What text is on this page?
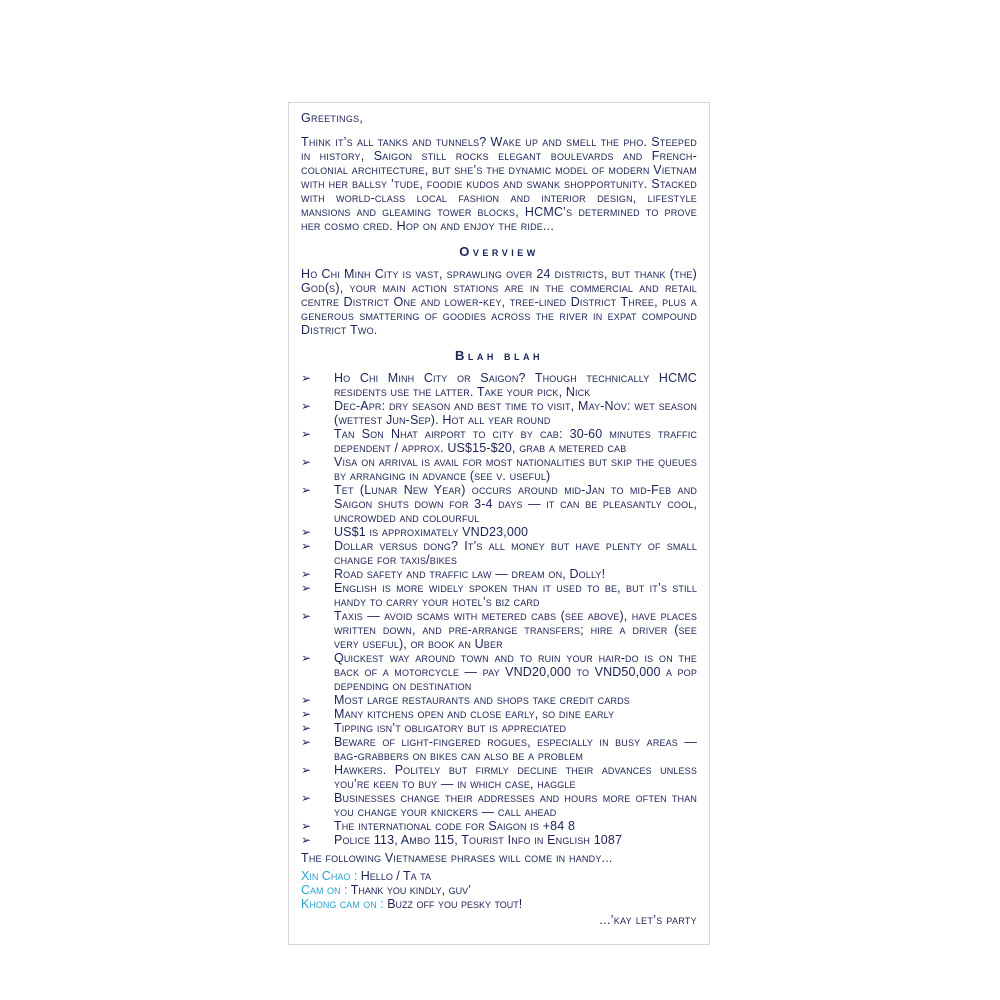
Greetings,

Think it’s all tanks and tunnels? Wake up and smell the pho. Steeped in history, Saigon still rocks elegant boulevards and French-colonial architecture, but she’s the dynamic model of modern Vietnam with her ballsy ’tude, foodie kudos and swank shopportunity. Stacked with world-class local fashion and interior design, lifestyle mansions and gleaming tower blocks, HCMC’s determined to prove her cosmo cred. Hop on and enjoy the ride...

Overview

Ho Chi Minh City is vast, sprawling over 24 districts, but thank (the) God(s), your main action stations are in the commercial and retail centre District One and lower-key, tree-lined District Three, plus a generous smattering of goodies across the river in expat compound District Two.

Blah blah
➢ Ho Chi Minh City or Saigon? Though technically HCMC residents use the latter. Take your pick, Nick
➢ Dec-Apr: dry season and best time to visit, May-Nov: wet season (wettest Jun-Sep). Hot all year round
➢ Tan Son Nhat airport to city by cab: 30-60 minutes traffic dependent / approx. US$15-$20, grab a metered cab
➢ Visa on arrival is avail for most nationalities but skip the queues by arranging in advance (see v. useful)
➢ Tet (Lunar New Year) occurs around mid-Jan to mid-Feb and Saigon shuts down for 3-4 days — it can be pleasantly cool, uncrowded and colourful
➢ US$1 is approximately VND23,000
➢ Dollar versus dong? It’s all money but have plenty of small change for taxis/bikes
➢ Road safety and traffic law — dream on, Dolly!
➢ English is more widely spoken than it used to be, but it’s still handy to carry your hotel’s biz card
➢ Taxis — avoid scams with metered cabs (see above), have places written down, and pre-arrange transfers; hire a driver (see very useful), or book an Uber
➢ Quickest way around town and to ruin your hair-do is on the back of a motorcycle — pay VND20,000 to VND50,000 a pop depending on destination
➢ Most large restaurants and shops take credit cards
➢ Many kitchens open and close early, so dine early
➢ Tipping isn’t obligatory but is appreciated
➢ Beware of light-fingered rogues, especially in busy areas — bag-grabbers on bikes can also be a problem
➢ Hawkers. Politely but firmly decline their advances unless you’re keen to buy — in which case, haggle
➢ Businesses change their addresses and hours more often than you change your knickers — call ahead
➢ The international code for Saigon is +84 8
➢ Police 113, Ambo 115, Tourist Info in English 1087

The following Vietnamese phrases will come in handy...

Xin Chao : Hello / Ta ta

Cam on : Thank you kindly, guv’

Khong cam on : Buzz off you pesky tout!

...’kay let’s party
